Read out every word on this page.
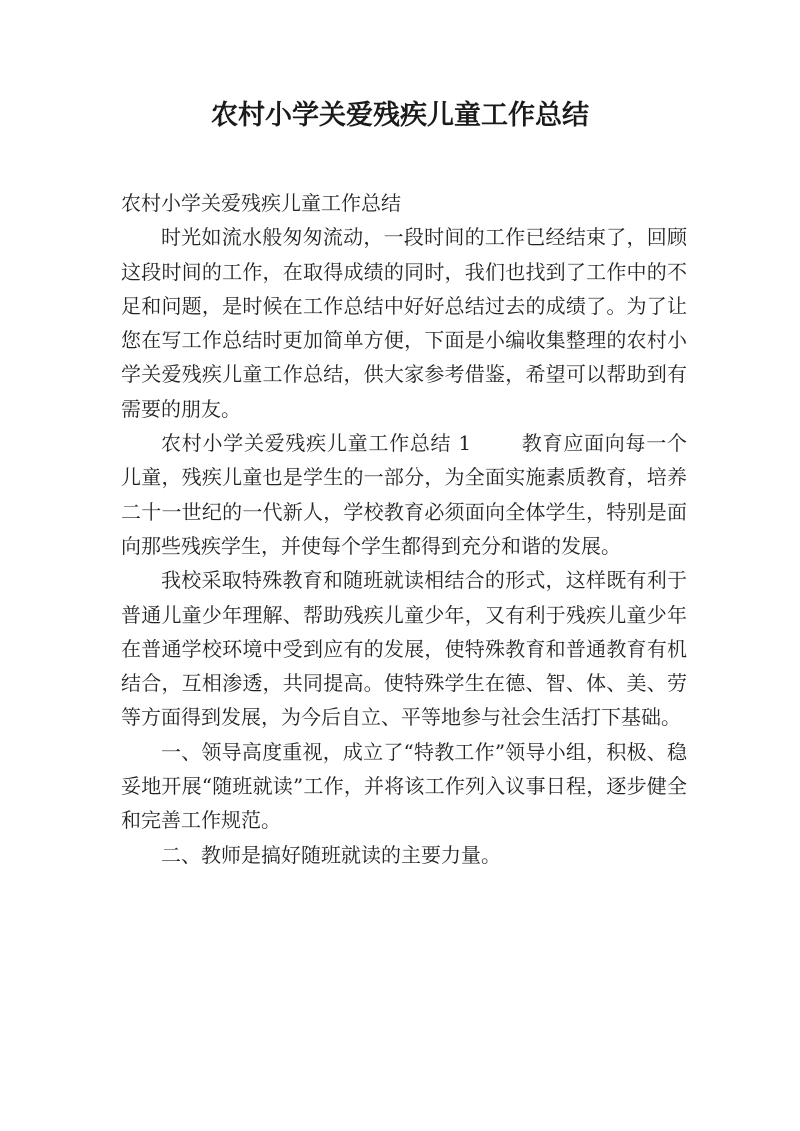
农村小学关爱残疾儿童工作总结

农村小学关爱残疾儿童工作总结

时光如流水般匆匆流动，一段时间的工作已经结束了，回顾这段时间的工作，在取得成绩的同时，我们也找到了工作中的不足和问题，是时候在工作总结中好好总结过去的成绩了。为了让您在写工作总结时更加简单方便，下面是小编收集整理的农村小学关爱残疾儿童工作总结，供大家参考借鉴，希望可以帮助到有需要的朋友。

农村小学关爱残疾儿童工作总结 1	教育应面向每一个儿童，残疾儿童也是学生的一部分，为全面实施素质教育，培养二十一世纪的一代新人，学校教育必须面向全体学生，特别是面向那些残疾学生，并使每个学生都得到充分和谐的发展。

我校采取特殊教育和随班就读相结合的形式，这样既有利于普通儿童少年理解、帮助残疾儿童少年，又有利于残疾儿童少年在普通学校环境中受到应有的发展，使特殊教育和普通教育有机结合，互相渗透，共同提高。使特殊学生在德、智、体、美、劳等方面得到发展，为今后自立、平等地参与社会生活打下基础。

一、领导高度重视，成立了“特教工作”领导小组，积极、稳妥地开展“随班就读”工作，并将该工作列入议事日程，逐步健全和完善工作规范。

二、教师是搞好随班就读的主要力量。
